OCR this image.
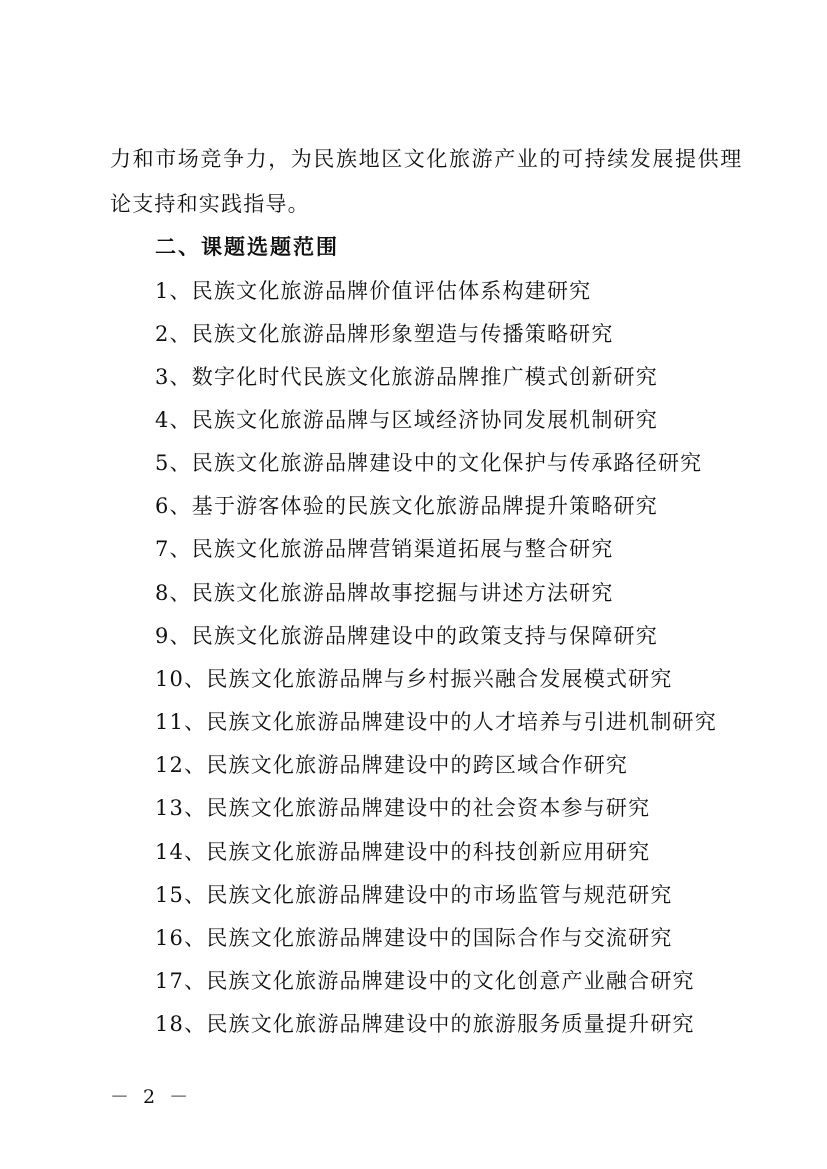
力和市场竞争力，为民族地区文化旅游产业的可持续发展提供理
论支持和实践指导。
二、课题选题范围
1、民族文化旅游品牌价值评估体系构建研究
2、民族文化旅游品牌形象塑造与传播策略研究
3、数字化时代民族文化旅游品牌推广模式创新研究
4、民族文化旅游品牌与区域经济协同发展机制研究
5、民族文化旅游品牌建设中的文化保护与传承路径研究
6、基于游客体验的民族文化旅游品牌提升策略研究
7、民族文化旅游品牌营销渠道拓展与整合研究
8、民族文化旅游品牌故事挖掘与讲述方法研究
9、民族文化旅游品牌建设中的政策支持与保障研究
10、民族文化旅游品牌与乡村振兴融合发展模式研究
11、民族文化旅游品牌建设中的人才培养与引进机制研究
12、民族文化旅游品牌建设中的跨区域合作研究
13、民族文化旅游品牌建设中的社会资本参与研究
14、民族文化旅游品牌建设中的科技创新应用研究
15、民族文化旅游品牌建设中的市场监管与规范研究
16、民族文化旅游品牌建设中的国际合作与交流研究
17、民族文化旅游品牌建设中的文化创意产业融合研究
18、民族文化旅游品牌建设中的旅游服务质量提升研究
－ 2 －
